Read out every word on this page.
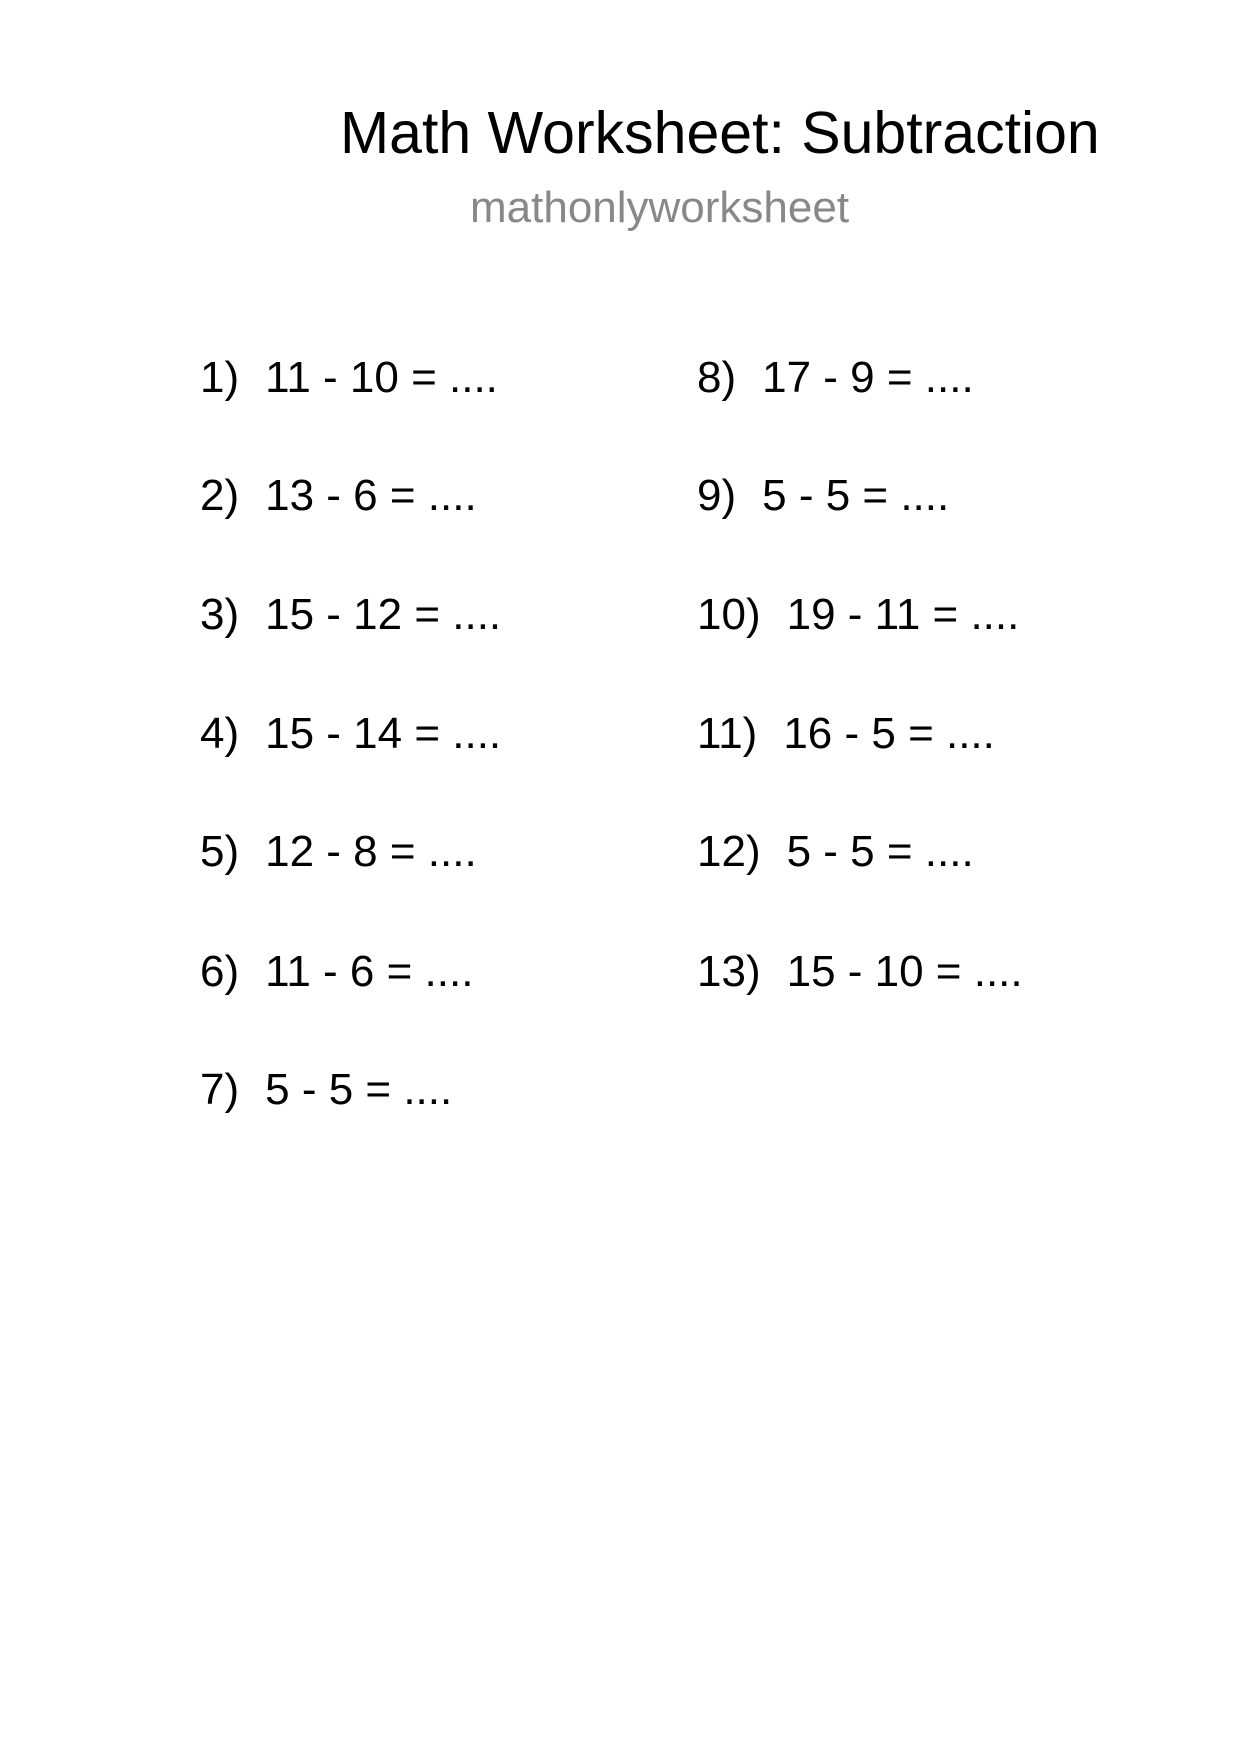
Math Worksheet: Subtraction
mathonlyworksheet
1) 11 - 10 = ....
2) 13 - 6 = ....
3) 15 - 12 = ....
4) 15 - 14 = ....
5) 12 - 8 = ....
6) 11 - 6 = ....
7) 5 - 5 = ....
8) 17 - 9 = ....
9) 5 - 5 = ....
10) 19 - 11 = ....
11) 16 - 5 = ....
12) 5 - 5 = ....
13) 15 - 10 = ....
